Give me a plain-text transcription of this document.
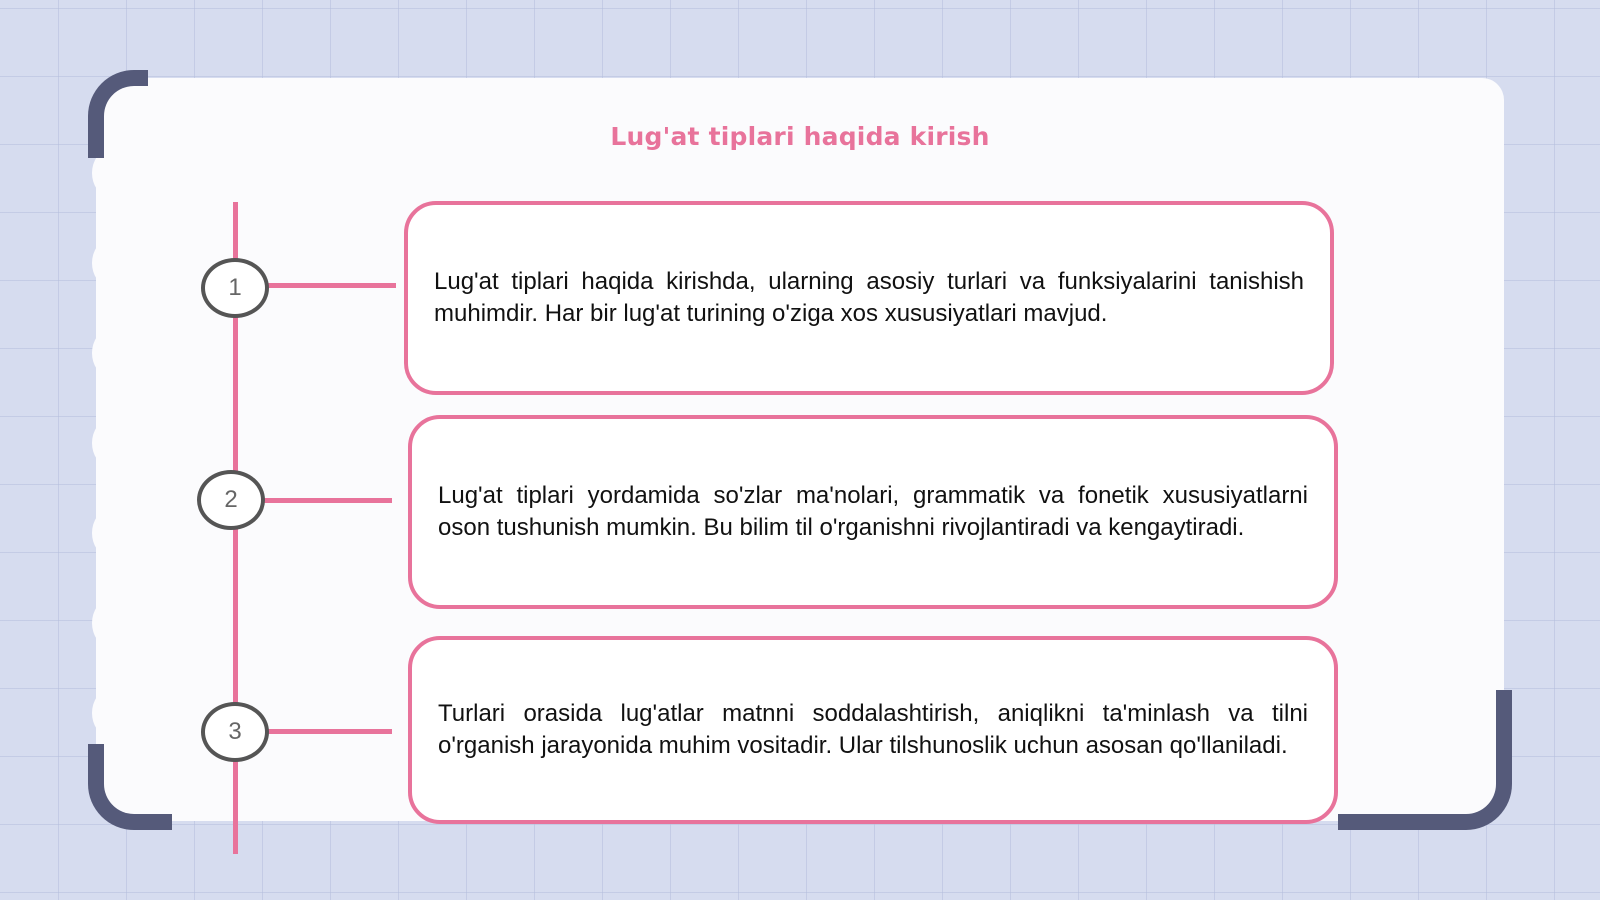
Lug'at tiplari haqida kirish
1	Lug'at tiplari haqida kirishda, ularning asosiy turlari va funksiyalarini tanishish muhimdir. Har bir lug'at turining o'ziga xos xususiyatlari mavjud.
2	Lug'at tiplari yordamida so'zlar ma'nolari, grammatik va fonetik xususiyatlarni oson tushunish mumkin. Bu bilim til o'rganishni rivojlantiradi va kengaytiradi.
3
Turlari orasida lug'atlar matnni soddalashtirish, aniqlikni ta'minlash va tilni o'rganish jarayonida muhim vositadir. Ular tilshunoslik uchun asosan qo'llaniladi.
